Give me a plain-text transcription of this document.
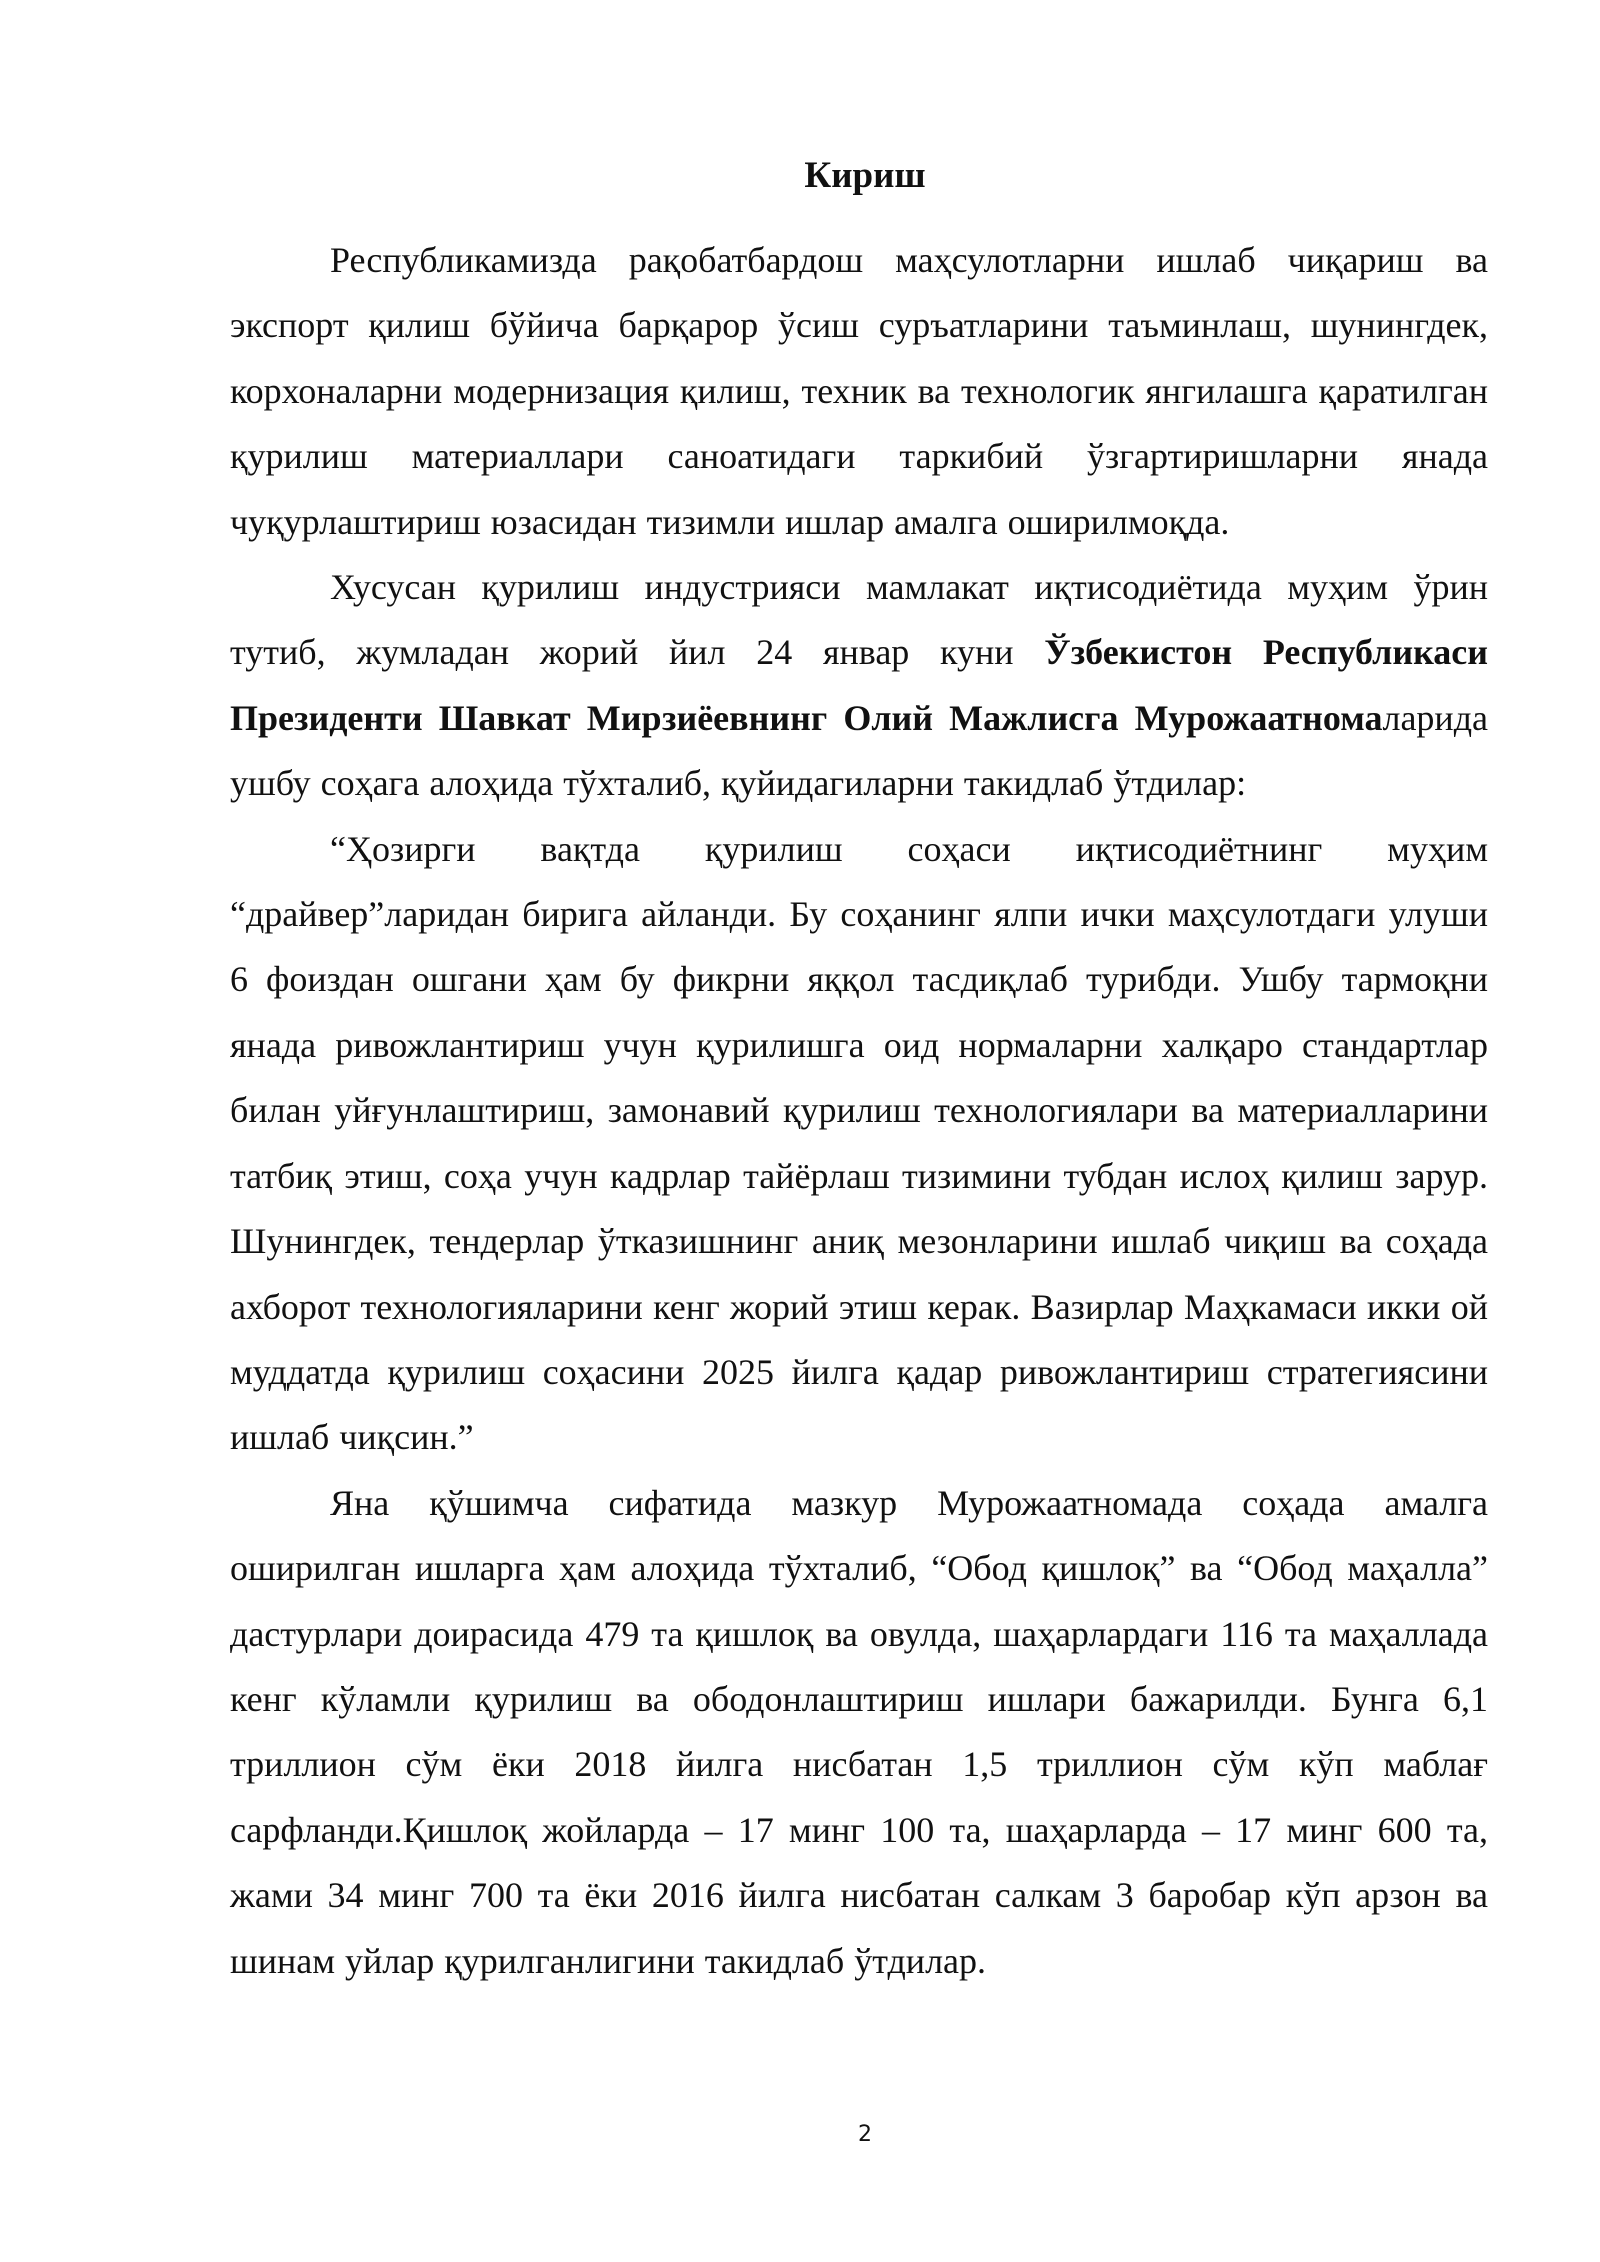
Кириш

Республикамизда рақобатбардош маҳсулотларни ишлаб чиқариш ва экспорт қилиш бўйича барқарор ўсиш суръатларини таъминлаш, шунингдек, корхоналарни модернизация қилиш, техник ва технологик янгилашга қаратилган қурилиш материаллари саноатидаги таркибий ўзгартиришларни янада чуқурлаштириш юзасидан тизимли ишлар амалга оширилмоқда.

Хусусан қурилиш индустрияси мамлакат иқтисодиётида муҳим ўрин тутиб, жумладан жорий йил 24 январ куни Ўзбекистон Республикаси Президенти Шавкат Мирзиёевнинг Олий Мажлисга Мурожаатномаларида ушбу соҳага алоҳида тўхталиб, қуйидагиларни такидлаб ўтдилар:

“Ҳозирги вақтда қурилиш соҳаси иқтисодиётнинг муҳим “драйвер”ларидан бирига айланди. Бу соҳанинг ялпи ички маҳсулотдаги улуши 6 фоиздан ошгани ҳам бу фикрни яққол тасдиқлаб турибди. Ушбу тармоқни янада ривожлантириш учун қурилишга оид нормаларни халқаро стандартлар билан уйғунлаштириш, замонавий қурилиш технологиялари ва материалларини татбиқ этиш, соҳа учун кадрлар тайёрлаш тизимини тубдан ислоҳ қилиш зарур. Шунингдек, тендерлар ўтказишнинг аниқ мезонларини ишлаб чиқиш ва соҳада ахборот технологияларини кенг жорий этиш керак. Вазирлар Маҳкамаси икки ой муддатда қурилиш соҳасини 2025 йилга қадар ривожлантириш стратегиясини ишлаб чиқсин.”

Яна қўшимча сифатида мазкур Мурожаатномада соҳада амалга оширилган ишларга ҳам алоҳида тўхталиб, “Обод қишлоқ” ва “Обод маҳалла” дастурлари доирасида 479 та қишлоқ ва овулда, шаҳарлардаги 116 та маҳаллада кенг кўламли қурилиш ва ободонлаштириш ишлари бажарилди. Бунга 6,1 триллион сўм ёки 2018 йилга нисбатан 1,5 триллион сўм кўп маблағ сарфланди.Қишлоқ жойларда – 17 минг 100 та, шаҳарларда – 17 минг 600 та, жами 34 минг 700 та ёки 2016 йилга нисбатан салкам 3 баробар кўп арзон ва шинам уйлар қурилганлигини такидлаб ўтдилар.

2
